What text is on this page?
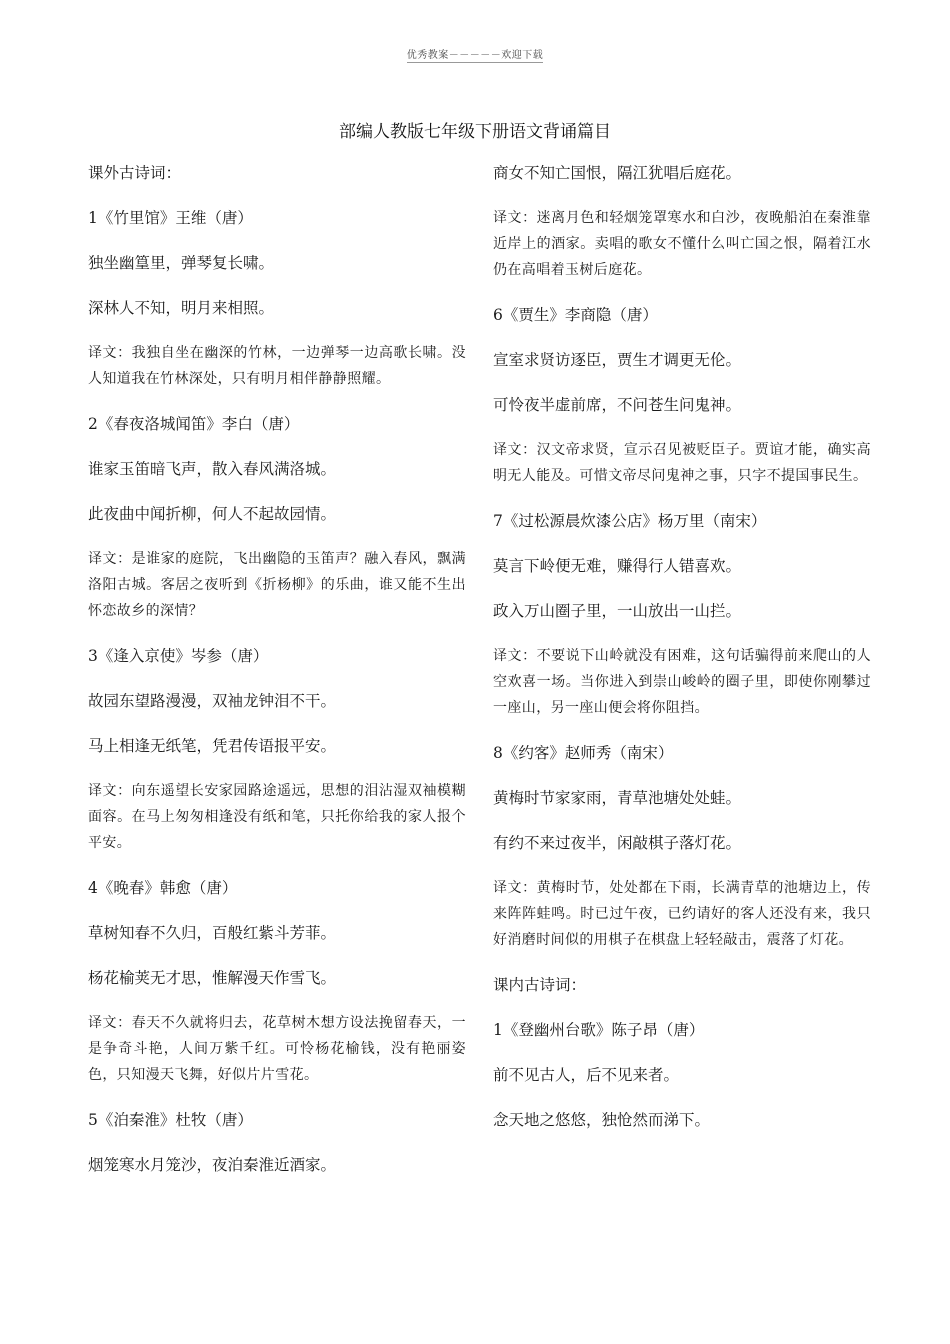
优秀教案－－－－－欢迎下载
部编人教版七年级下册语文背诵篇目
课外古诗词：
1《竹里馆》王维（唐）
独坐幽篁里，弹琴复长啸。
深林人不知，明月来相照。
译文：我独自坐在幽深的竹林，一边弹琴一边高歌长啸。没人知道我在竹林深处，只有明月相伴静静照耀。
2《春夜洛城闻笛》李白（唐）
谁家玉笛暗飞声，散入春风满洛城。
此夜曲中闻折柳，何人不起故园情。
译文：是谁家的庭院，飞出幽隐的玉笛声？融入春风，飘满洛阳古城。客居之夜听到《折杨柳》的乐曲，谁又能不生出怀恋故乡的深情？
3《逢入京使》岑参（唐）
故园东望路漫漫，双袖龙钟泪不干。
马上相逢无纸笔，凭君传语报平安。
译文：向东遥望长安家园路途遥远，思想的泪沾湿双袖模糊面容。在马上匆匆相逢没有纸和笔，只托你给我的家人报个平安。
4《晚春》韩愈（唐）
草树知春不久归，百般红紫斗芳菲。
杨花榆荚无才思，惟解漫天作雪飞。
译文：春天不久就将归去，花草树木想方设法挽留春天，一是争奇斗艳，人间万紫千红。可怜杨花榆钱，没有艳丽姿色，只知漫天飞舞，好似片片雪花。
5《泊秦淮》杜牧（唐）
烟笼寒水月笼沙，夜泊秦淮近酒家。
商女不知亡国恨，隔江犹唱后庭花。
译文：迷离月色和轻烟笼罩寒水和白沙，夜晚船泊在秦淮靠近岸上的酒家。卖唱的歌女不懂什么叫亡国之恨，隔着江水仍在高唱着玉树后庭花。
6《贾生》李商隐（唐）
宣室求贤访逐臣，贾生才调更无伦。
可怜夜半虚前席，不问苍生问鬼神。
译文：汉文帝求贤，宣示召见被贬臣子。贾谊才能，确实高明无人能及。可惜文帝尽问鬼神之事，只字不提国事民生。
7《过松源晨炊漆公店》杨万里（南宋）
莫言下岭便无难，赚得行人错喜欢。
政入万山圈子里，一山放出一山拦。
译文：不要说下山岭就没有困难，这句话骗得前来爬山的人空欢喜一场。当你进入到崇山峻岭的圈子里，即使你刚攀过一座山，另一座山便会将你阻挡。
8《约客》赵师秀（南宋）
黄梅时节家家雨，青草池塘处处蛙。
有约不来过夜半，闲敲棋子落灯花。
译文：黄梅时节，处处都在下雨，长满青草的池塘边上，传来阵阵蛙鸣。时已过午夜，已约请好的客人还没有来，我只好消磨时间似的用棋子在棋盘上轻轻敲击，震落了灯花。
课内古诗词：
1《登幽州台歌》陈子昂（唐）
前不见古人，后不见来者。
念天地之悠悠，独怆然而涕下。
